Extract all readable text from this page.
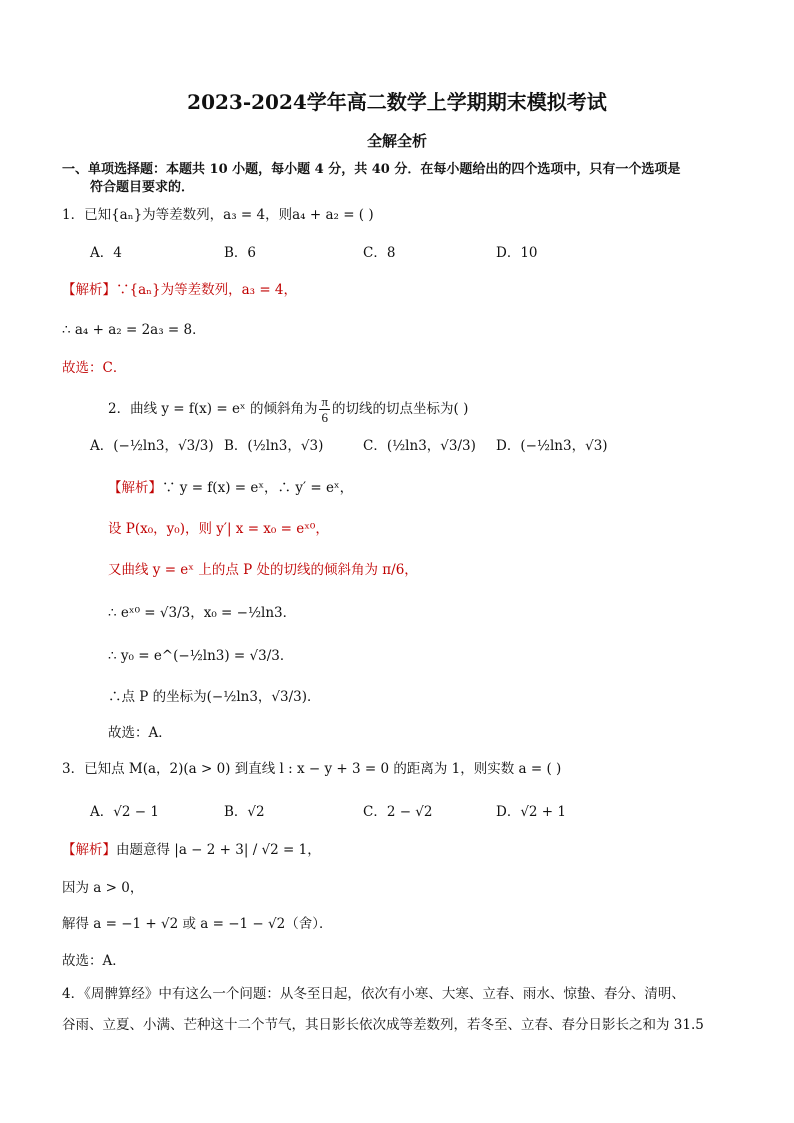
2023-2024学年高二数学上学期期末模拟考试
全解全析
一、单项选择题：本题共 10 小题，每小题 4 分，共 40 分．在每小题给出的四个选项中，只有一个选项是
符合题目要求的．
1．已知{aₙ}为等差数列，a₃ = 4，则a₄ + a₂ = ( )
A．4	B．6	C．8	D．10
【解析】∵{aₙ}为等差数列，a₃ = 4，
∴ a₄ + a₂ = 2a₃ = 8．
故选：C．
2．曲线 y = f(x) = eˣ 的倾斜角为 $\frac{\pi}{6}$ 的切线的切点坐标为( )
A．(−½ln3，√3/3) B．(½ln3，√3)	C．(½ln3，√3/3) D．(−½ln3，√3)
【解析】∵ y = f(x) = eˣ，∴ y′ = eˣ，
设 P(x₀，y₀)，则 y′| x = x₀ = eˣ⁰，
又曲线 y = eˣ 上的点 P 处的切线的倾斜角为 π/6，
∴ eˣ⁰ = √3/3，x₀ = −½ln3．
∴ y₀ = e^(−½ln3) = √3/3．
∴点 P 的坐标为(−½ln3，√3/3)．
故选：A．
3．已知点 M(a，2)(a > 0) 到直线 l : x − y + 3 = 0 的距离为 1，则实数 a = ( )
A．√2 − 1	B．√2	C．2 − √2	D．√2 + 1
【解析】由题意得 |a − 2 + 3| / √2 = 1，
因为 a > 0，
解得 a = −1 + √2 或 a = −1 − √2（舍）．
故选：A．
4．《周髀算经》中有这么一个问题：从冬至日起，依次有小寒、大寒、立春、雨水、惊蛰、春分、清明、
谷雨、立夏、小满、芒种这十二个节气，其日影长依次成等差数列，若冬至、立春、春分日影长之和为 31.5
